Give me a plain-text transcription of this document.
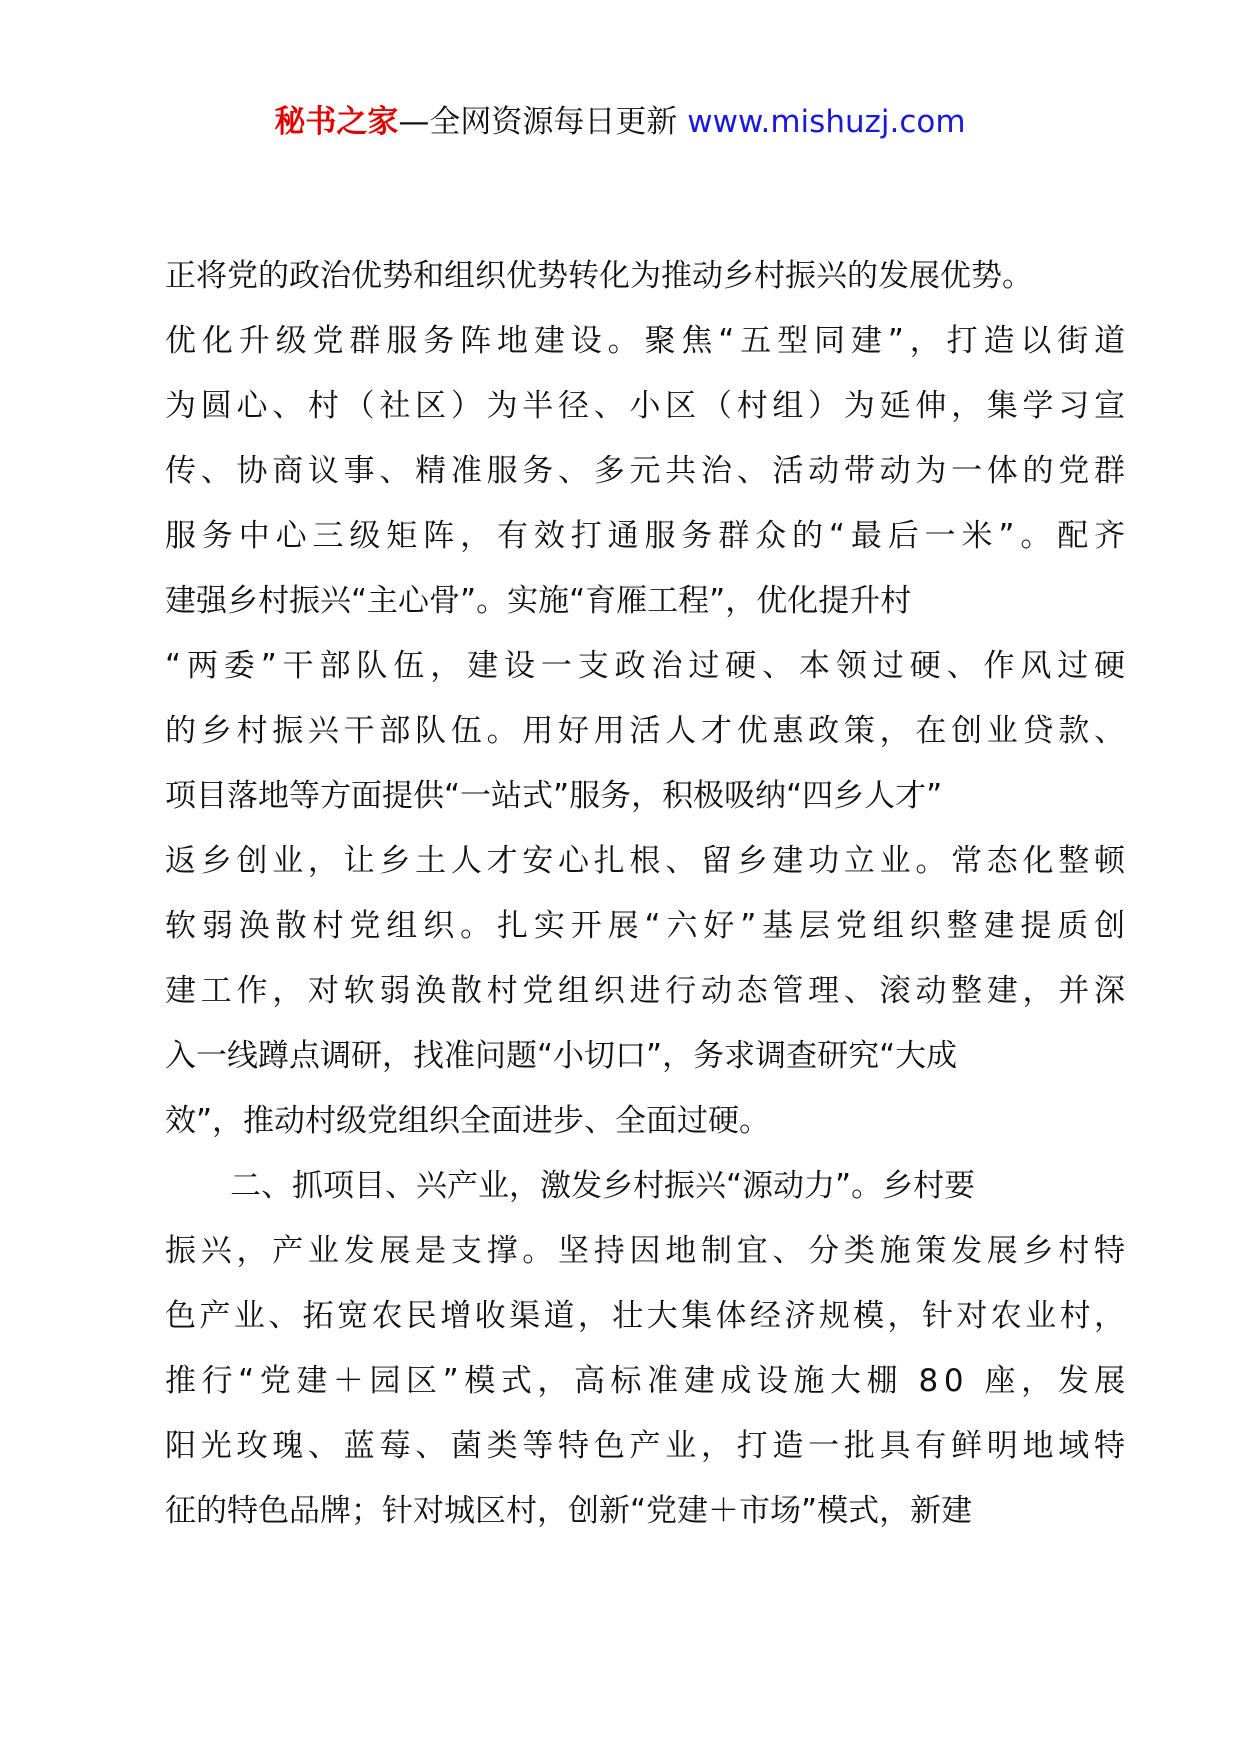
秘书之家—全网资源每日更新 www.mishuzj.com
正将党的政治优势和组织优势转化为推动乡村振兴的发展优势。
优化升级党群服务阵地建设。聚焦“五型同建”，打造以街道
为圆心、村（社区）为半径、小区（村组）为延伸，集学习宣
传、协商议事、精准服务、多元共治、活动带动为一体的党群
服务中心三级矩阵，有效打通服务群众的“最后一米”。配齐
建强乡村振兴“主心骨”。实施“育雁工程”，优化提升村
“两委”干部队伍，建设一支政治过硬、本领过硬、作风过硬
的乡村振兴干部队伍。用好用活人才优惠政策，在创业贷款、
项目落地等方面提供“一站式”服务，积极吸纳“四乡人才”
返乡创业，让乡土人才安心扎根、留乡建功立业。常态化整顿
软弱涣散村党组织。扎实开展“六好”基层党组织整建提质创
建工作，对软弱涣散村党组织进行动态管理、滚动整建，并深
入一线蹲点调研，找准问题“小切口”，务求调查研究“大成
效”，推动村级党组织全面进步、全面过硬。
二、抓项目、兴产业，激发乡村振兴“源动力”。乡村要
振兴，产业发展是支撑。坚持因地制宜、分类施策发展乡村特
色产业、拓宽农民增收渠道，壮大集体经济规模，针对农业村，
推行“党建＋园区”模式，高标准建成设施大棚 80 座，发展
阳光玫瑰、蓝莓、菌类等特色产业，打造一批具有鲜明地域特
征的特色品牌；针对城区村，创新“党建＋市场”模式，新建
